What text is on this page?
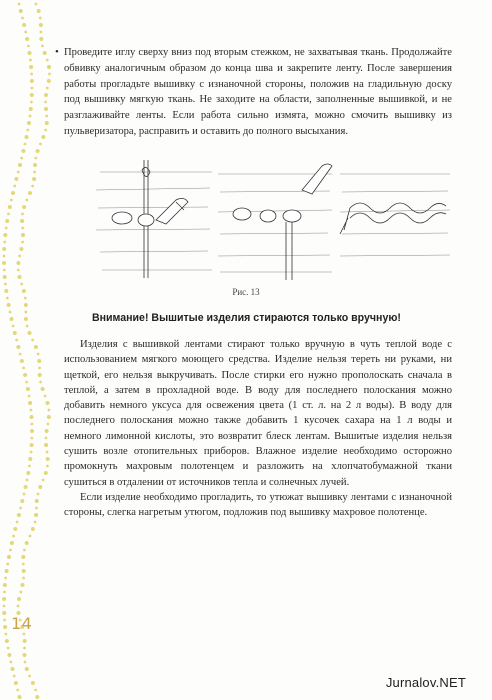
• Проведите иглу сверху вниз под вторым стежком, не захватывая ткань. Продолжайте обвивку аналогичным образом до конца шва и закрепите ленту. После завершения работы прогладьте вышивку с изнаночной стороны, положив на гладильную доску под вышивку мягкую ткань. Не заходите на области, заполненные вышивкой, и не разглаживайте ленты. Если работа сильно измята, можно смочить вышивку из пульверизатора, расправить и оставить до полного высыхания.

Рис. 13
Внимание! Вышитые изделия стираются только вручную!

Изделия с вышивкой лентами стирают только вручную в чуть теплой воде с использованием мягкого моющего средства. Изделие нельзя тереть ни руками, ни щеткой, его нельзя выкручивать. После стирки его нужно прополоскать сначала в теплой, а затем в прохладной воде. В воду для последнего полоскания можно добавить немного уксуса для освежения цвета (1 ст. л. на 2 л воды). В воду для последнего полоскания можно также добавить 1 кусочек сахара на 1 л воды и немного лимонной кислоты, это возвратит блеск лентам. Вышитые изделия нельзя сушить возле отопительных приборов. Влажное изделие необходимо осторожно промокнуть махровым полотенцем и разложить на хлопчатобумажной ткани сушиться в отдалении от источников тепла и солнечных лучей.

Если изделие необходимо прогладить, то утюжат вышивку лентами с изнаночной стороны, слегка нагретым утюгом, подложив под вышивку махровое полотенце.

14
Jurnalov.NET
